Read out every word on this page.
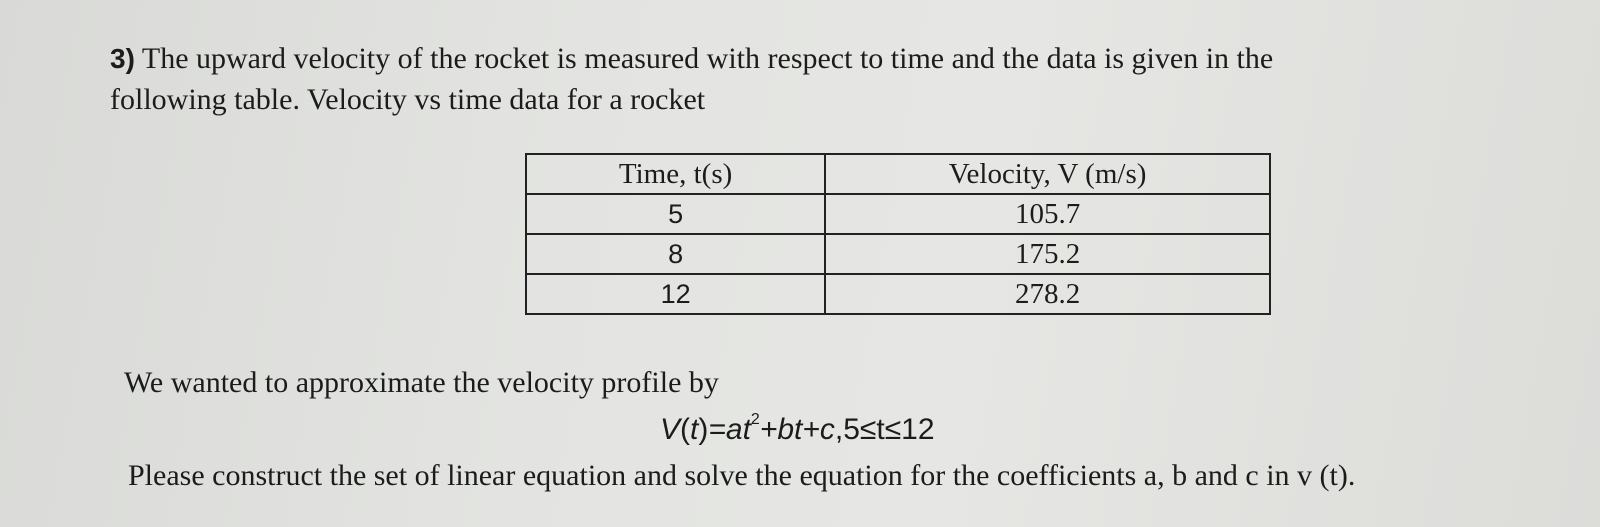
3) The upward velocity of the rocket is measured with respect to time and the data is given in the
following table. Velocity vs time data for a rocket
Time, t(s)	Velocity, V (m/s)
5	105.7
8	175.2
12	278.2
We wanted to approximate the velocity profile by
$V(t)=at^2+bt+c,5\le t\le 12$
Please construct the set of linear equation and solve the equation for the coefficients a, b and c in v (t).
